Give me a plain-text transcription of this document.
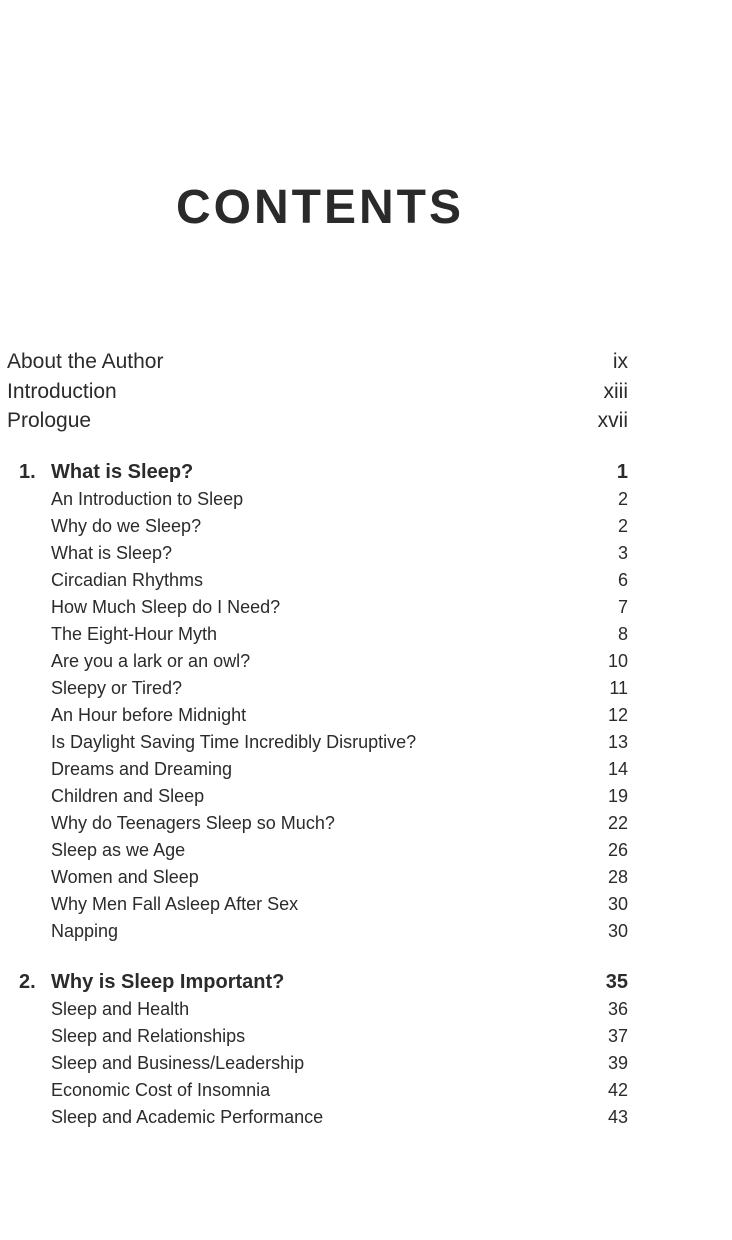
CONTENTS
About the Author	ix
Introduction	xiii
Prologue	xvii
1. What is Sleep?	1
An Introduction to Sleep	2
Why do we Sleep?	2
What is Sleep?	3
Circadian Rhythms	6
How Much Sleep do I Need?	7
The Eight-Hour Myth	8
Are you a lark or an owl?	10
Sleepy or Tired?	11
An Hour before Midnight	12
Is Daylight Saving Time Incredibly Disruptive?	13
Dreams and Dreaming	14
Children and Sleep	19
Why do Teenagers Sleep so Much?	22
Sleep as we Age	26
Women and Sleep	28
Why Men Fall Asleep After Sex	30
Napping	30
2. Why is Sleep Important?	35
Sleep and Health	36
Sleep and Relationships	37
Sleep and Business/Leadership	39
Economic Cost of Insomnia	42
Sleep and Academic Performance	43
